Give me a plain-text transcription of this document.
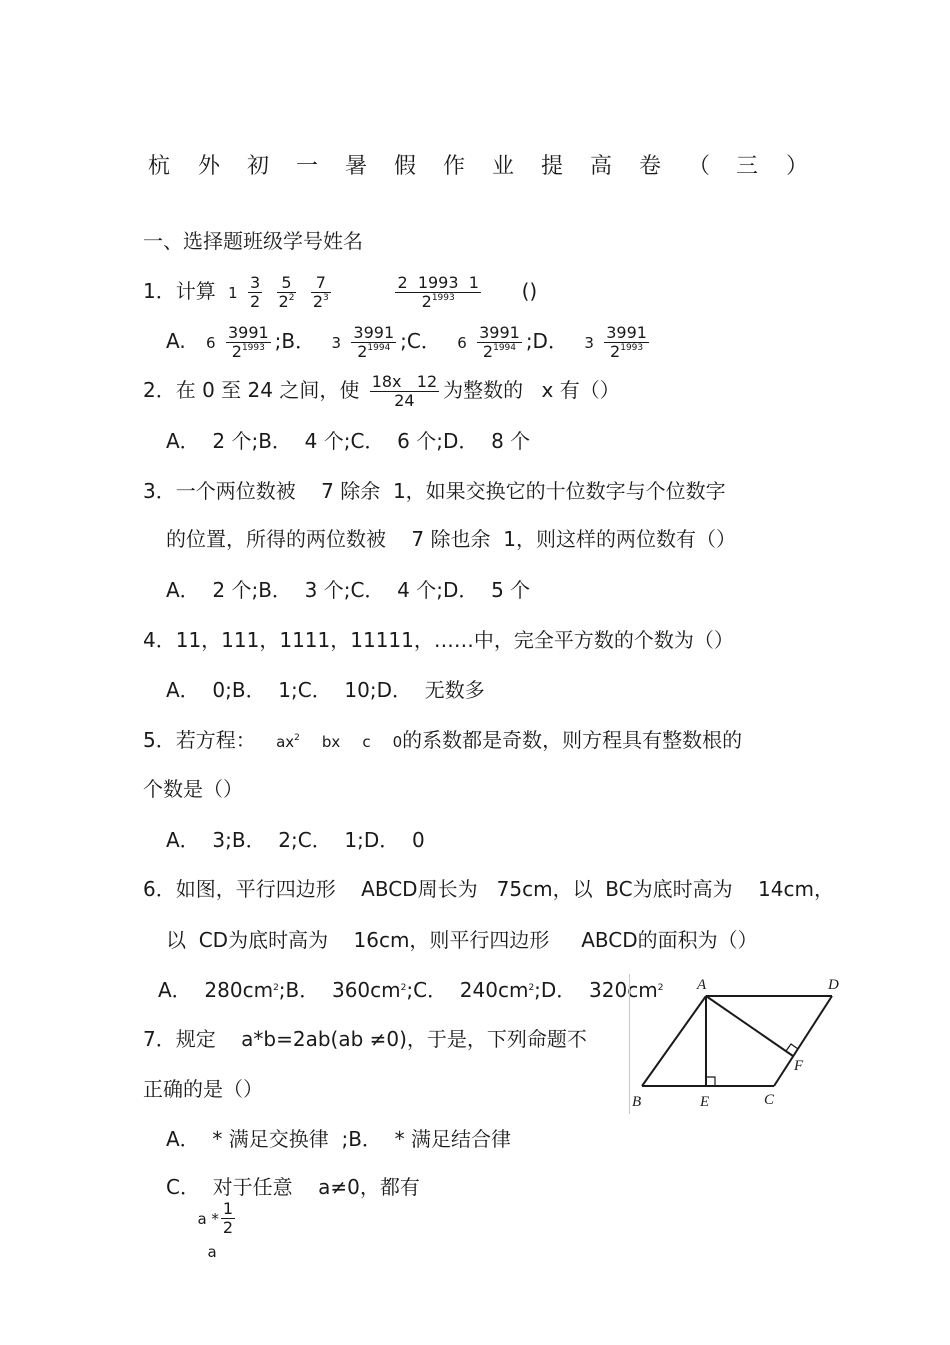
杭 外 初 一 暑 假 作 业 提 高 卷 （ 三 ）
一、选择题班级学号姓名
1．计算 $1 \frac{3}{2}$
$\frac{5}{2^2}$
$\frac{7}{2^3}$
	$\frac{2 1993 1}{2^{1993}}$ ()
A. $6 \frac{3991}{2^{1993}}$ ;B． $3 \frac{3991}{2^{1994}}$ ;C． $6 \frac{3991}{2^{1994}}$ ;D． $3 \frac{3991}{2^{1993}}$
2．在 0 至 24 之间，使 $\frac{18x 12}{24}$ 为整数的 x 有（）
A．  2 个;B．  4 个;C．  6 个;D．  8 个
3．一个两位数被    7 除余  1，如果交换它的十位数字与个位数字
的位置，所得的两位数被    7 除也余  1，则这样的两位数有（）
A．  2 个;B．  3 个;C．  4 个;D．  5 个
4．11，111，1111，11111，……中，完全平方数的个数为（）
A．  0;B．  1;C．  10;D．  无数多
5．若方程： $ax^2$ bx c 0的系数都是奇数，则方程具有整数根的
个数是（）
A．  3;B．  2;C．  1;D．  0
6．如图，平行四边形    ABCD周长为   75cm，以  BC为底时高为    14cm，
以  CD为底时高为    16cm，则平行四边形     ABCD的面积为（）
A．  $280cm^2;B$．  $360cm^2;C$．  $240cm^2;D$．  $320cm^2$ A	D
B	E	C
F
7．规定    a*b=2ab(ab ≠0)，于是，下列命题不
正确的是（）
A．  * 满足交换律  ;B．  * 满足结合律
C．  对于任意    a≠0，都有
a * $\frac{1}{2}$

a
